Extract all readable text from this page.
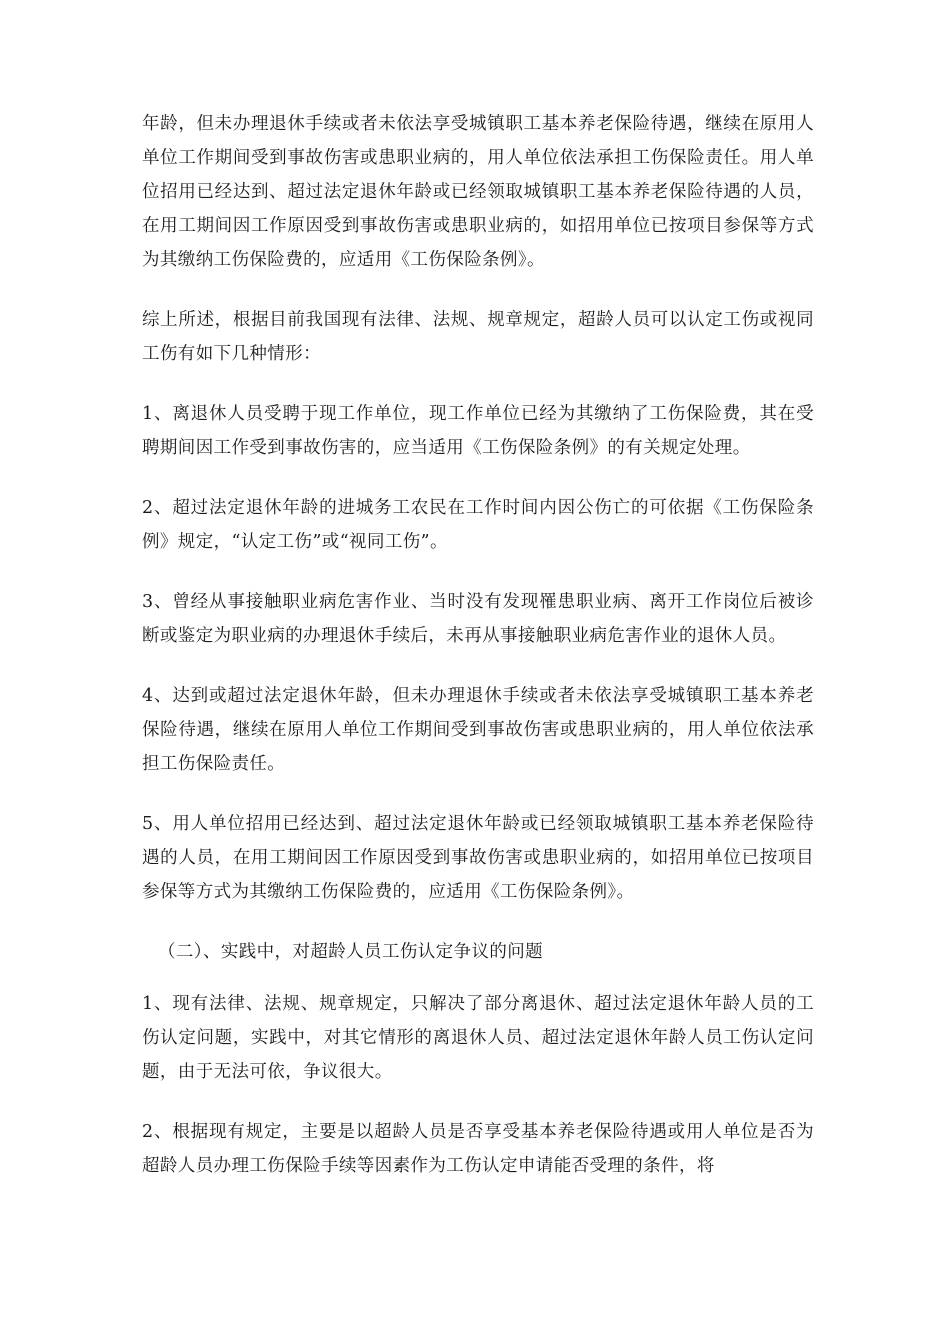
年龄，但未办理退休手续或者未依法享受城镇职工基本养老保险待遇，继续在原用人单位工作期间受到事故伤害或患职业病的，用人单位依法承担工伤保险责任。用人单位招用已经达到、超过法定退休年龄或已经领取城镇职工基本养老保险待遇的人员，在用工期间因工作原因受到事故伤害或患职业病的，如招用单位已按项目参保等方式为其缴纳工伤保险费的，应适用《工伤保险条例》。

综上所述，根据目前我国现有法律、法规、规章规定，超龄人员可以认定工伤或视同工伤有如下几种情形：

1、离退休人员受聘于现工作单位，现工作单位已经为其缴纳了工伤保险费，其在受聘期间因工作受到事故伤害的，应当适用《工伤保险条例》的有关规定处理。

2、超过法定退休年龄的进城务工农民在工作时间内因公伤亡的可依据《工伤保险条例》规定，“认定工伤”或“视同工伤”。

3、曾经从事接触职业病危害作业、当时没有发现罹患职业病、离开工作岗位后被诊断或鉴定为职业病的办理退休手续后，未再从事接触职业病危害作业的退休人员。

4、达到或超过法定退休年龄，但未办理退休手续或者未依法享受城镇职工基本养老保险待遇，继续在原用人单位工作期间受到事故伤害或患职业病的，用人单位依法承担工伤保险责任。

5、用人单位招用已经达到、超过法定退休年龄或已经领取城镇职工基本养老保险待遇的人员，在用工期间因工作原因受到事故伤害或患职业病的，如招用单位已按项目参保等方式为其缴纳工伤保险费的，应适用《工伤保险条例》。

（二）、实践中，对超龄人员工伤认定争议的问题

1、现有法律、法规、规章规定，只解决了部分离退休、超过法定退休年龄人员的工伤认定问题，实践中，对其它情形的离退休人员、超过法定退休年龄人员工伤认定问题，由于无法可依，争议很大。

2、根据现有规定，主要是以超龄人员是否享受基本养老保险待遇或用人单位是否为超龄人员办理工伤保险手续等因素作为工伤认定申请能否受理的条件，将
